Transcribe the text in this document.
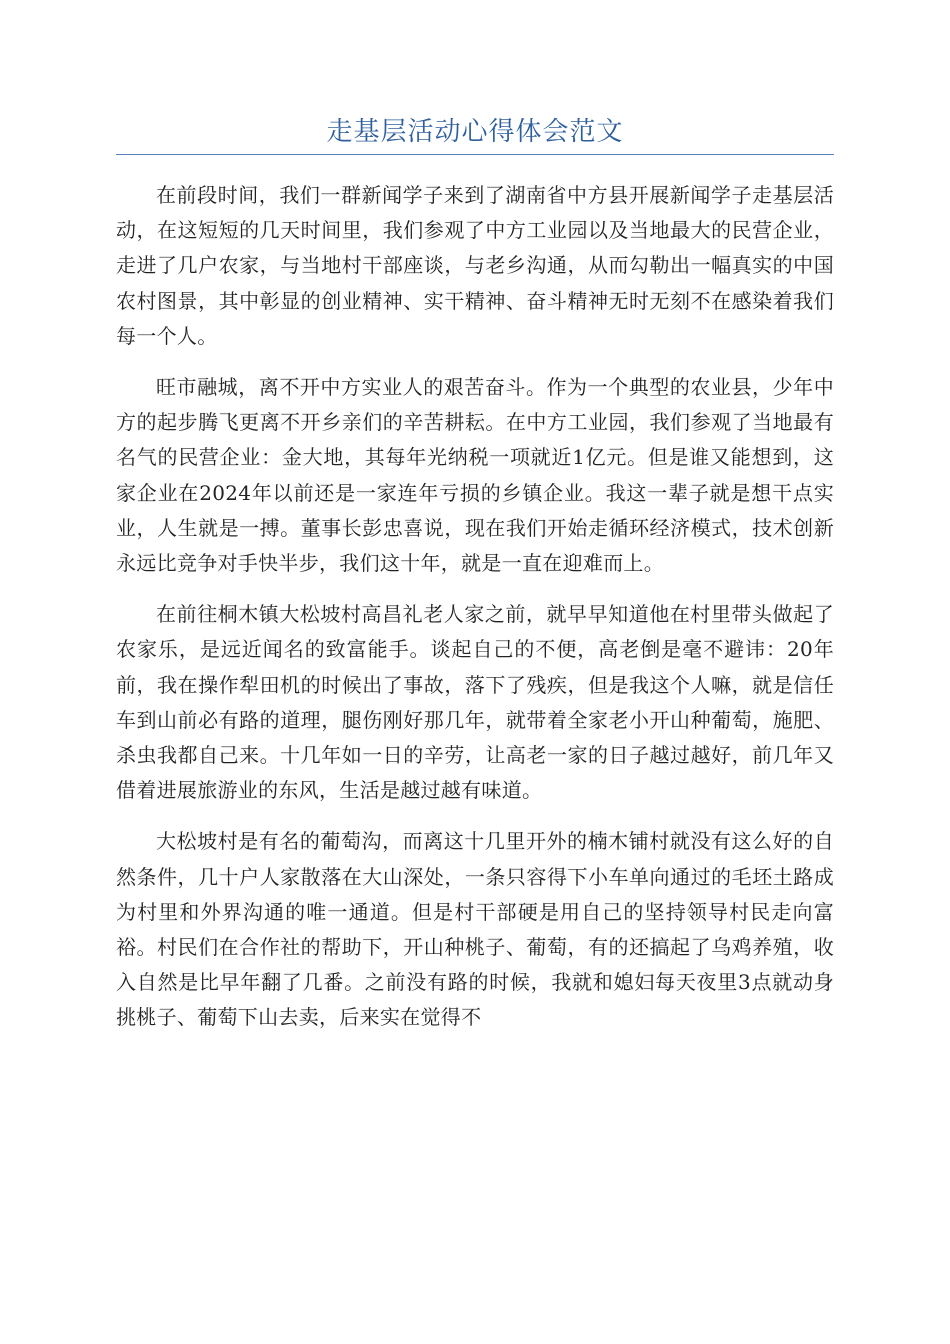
走基层活动心得体会范文

在前段时间，我们一群新闻学子来到了湖南省中方县开展新闻学子走基层活动，在这短短的几天时间里，我们参观了中方工业园以及当地最大的民营企业，走进了几户农家，与当地村干部座谈，与老乡沟通，从而勾勒出一幅真实的中国农村图景，其中彰显的创业精神、实干精神、奋斗精神无时无刻不在感染着我们每一个人。

旺市融城，离不开中方实业人的艰苦奋斗。作为一个典型的农业县，少年中方的起步腾飞更离不开乡亲们的辛苦耕耘。在中方工业园，我们参观了当地最有名气的民营企业：金大地，其每年光纳税一项就近1亿元。但是谁又能想到，这家企业在2024年以前还是一家连年亏损的乡镇企业。我这一辈子就是想干点实业，人生就是一搏。董事长彭忠喜说，现在我们开始走循环经济模式，技术创新永远比竞争对手快半步，我们这十年，就是一直在迎难而上。

在前往桐木镇大松坡村高昌礼老人家之前，就早早知道他在村里带头做起了农家乐，是远近闻名的致富能手。谈起自己的不便，高老倒是毫不避讳：20年前，我在操作犁田机的时候出了事故，落下了残疾，但是我这个人嘛，就是信任车到山前必有路的道理，腿伤刚好那几年，就带着全家老小开山种葡萄，施肥、杀虫我都自己来。十几年如一日的辛劳，让高老一家的日子越过越好，前几年又借着进展旅游业的东风，生活是越过越有味道。

大松坡村是有名的葡萄沟，而离这十几里开外的楠木铺村就没有这么好的自然条件，几十户人家散落在大山深处，一条只容得下小车单向通过的毛坯土路成为村里和外界沟通的唯一通道。但是村干部硬是用自己的坚持领导村民走向富裕。村民们在合作社的帮助下，开山种桃子、葡萄，有的还搞起了乌鸡养殖，收入自然是比早年翻了几番。之前没有路的时候，我就和媳妇每天夜里3点就动身挑桃子、葡萄下山去卖，后来实在觉得不
